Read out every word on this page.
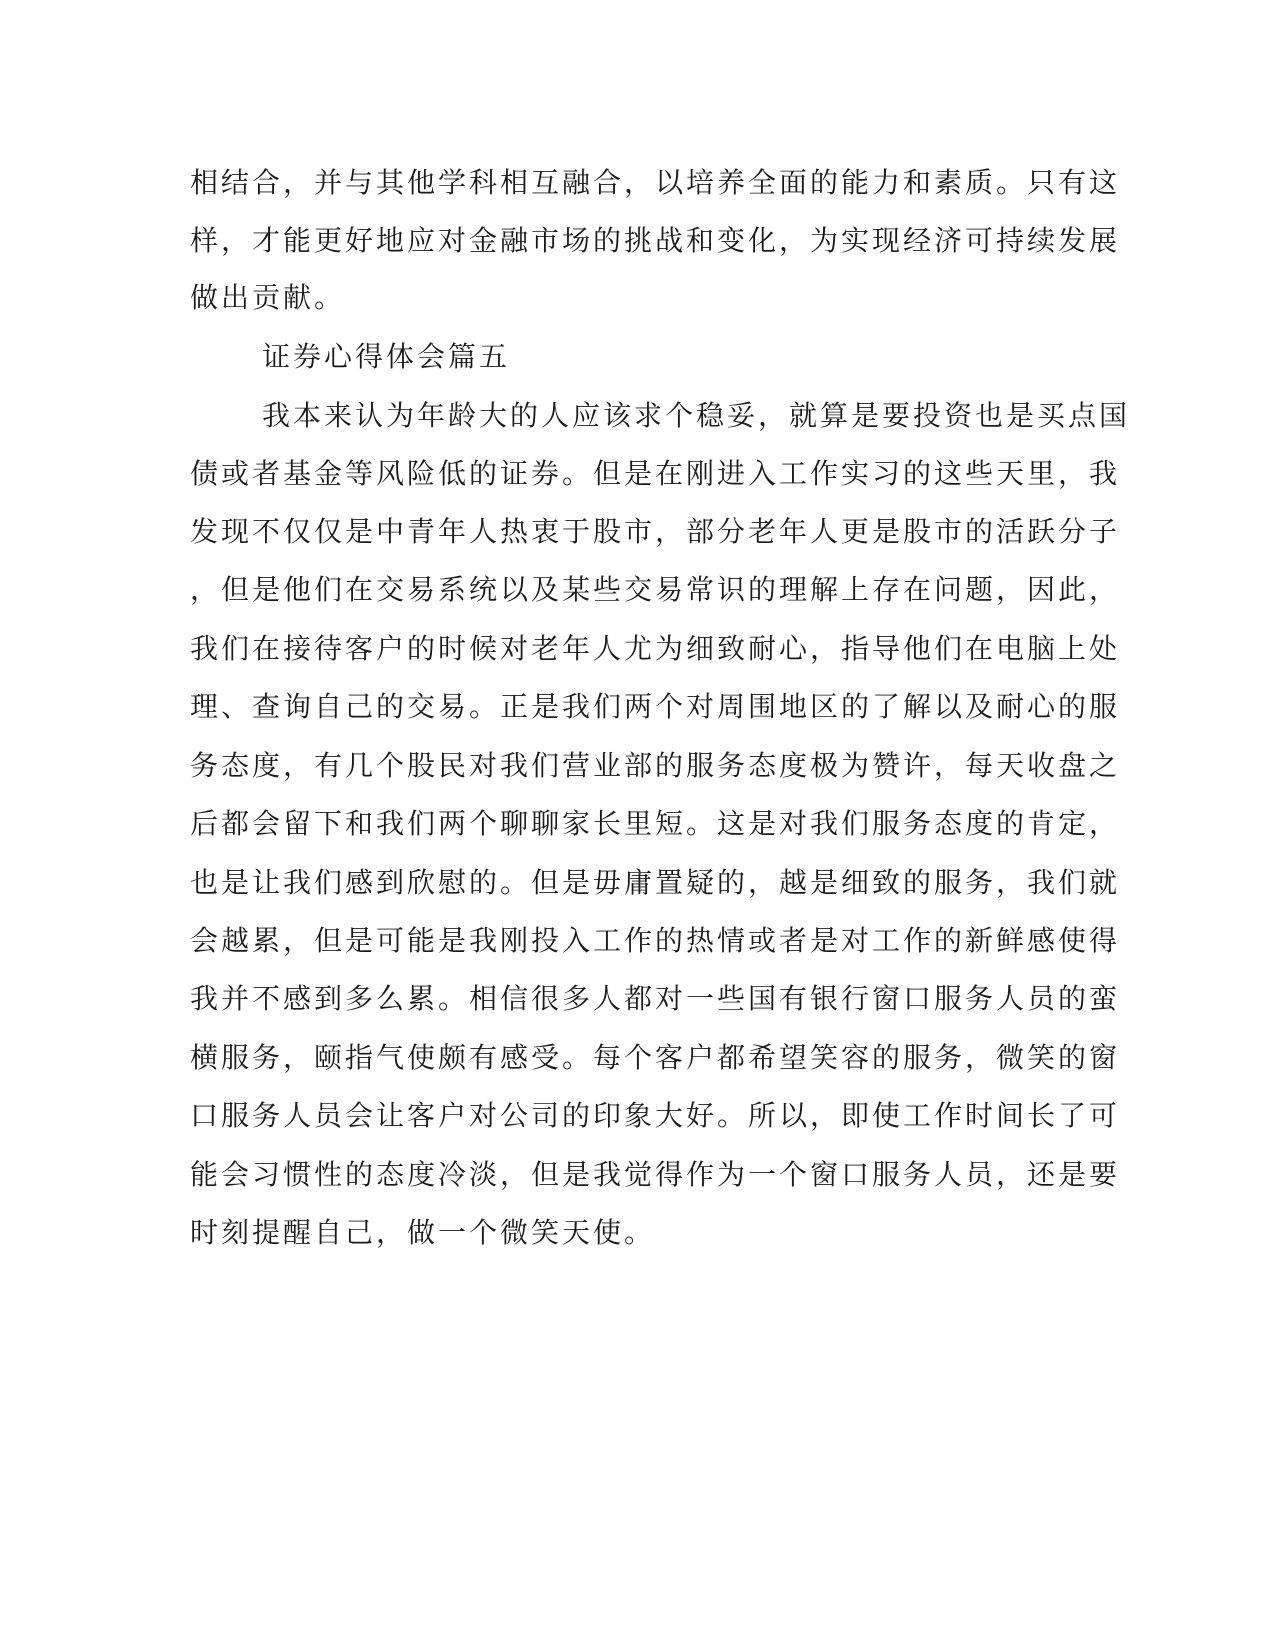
相结合，并与其他学科相互融合，以培养全面的能力和素质。只有这
样，才能更好地应对金融市场的挑战和变化，为实现经济可持续发展
做出贡献。
证券心得体会篇五
我本来认为年龄大的人应该求个稳妥，就算是要投资也是买点国
债或者基金等风险低的证券。但是在刚进入工作实习的这些天里，我
发现不仅仅是中青年人热衷于股市，部分老年人更是股市的活跃分子
，但是他们在交易系统以及某些交易常识的理解上存在问题，因此，
我们在接待客户的时候对老年人尤为细致耐心，指导他们在电脑上处
理、查询自己的交易。正是我们两个对周围地区的了解以及耐心的服
务态度，有几个股民对我们营业部的服务态度极为赞许，每天收盘之
后都会留下和我们两个聊聊家长里短。这是对我们服务态度的肯定，
也是让我们感到欣慰的。但是毋庸置疑的，越是细致的服务，我们就
会越累，但是可能是我刚投入工作的热情或者是对工作的新鲜感使得
我并不感到多么累。相信很多人都对一些国有银行窗口服务人员的蛮
横服务，颐指气使颇有感受。每个客户都希望笑容的服务，微笑的窗
口服务人员会让客户对公司的印象大好。所以，即使工作时间长了可
能会习惯性的态度冷淡，但是我觉得作为一个窗口服务人员，还是要
时刻提醒自己，做一个微笑天使。
